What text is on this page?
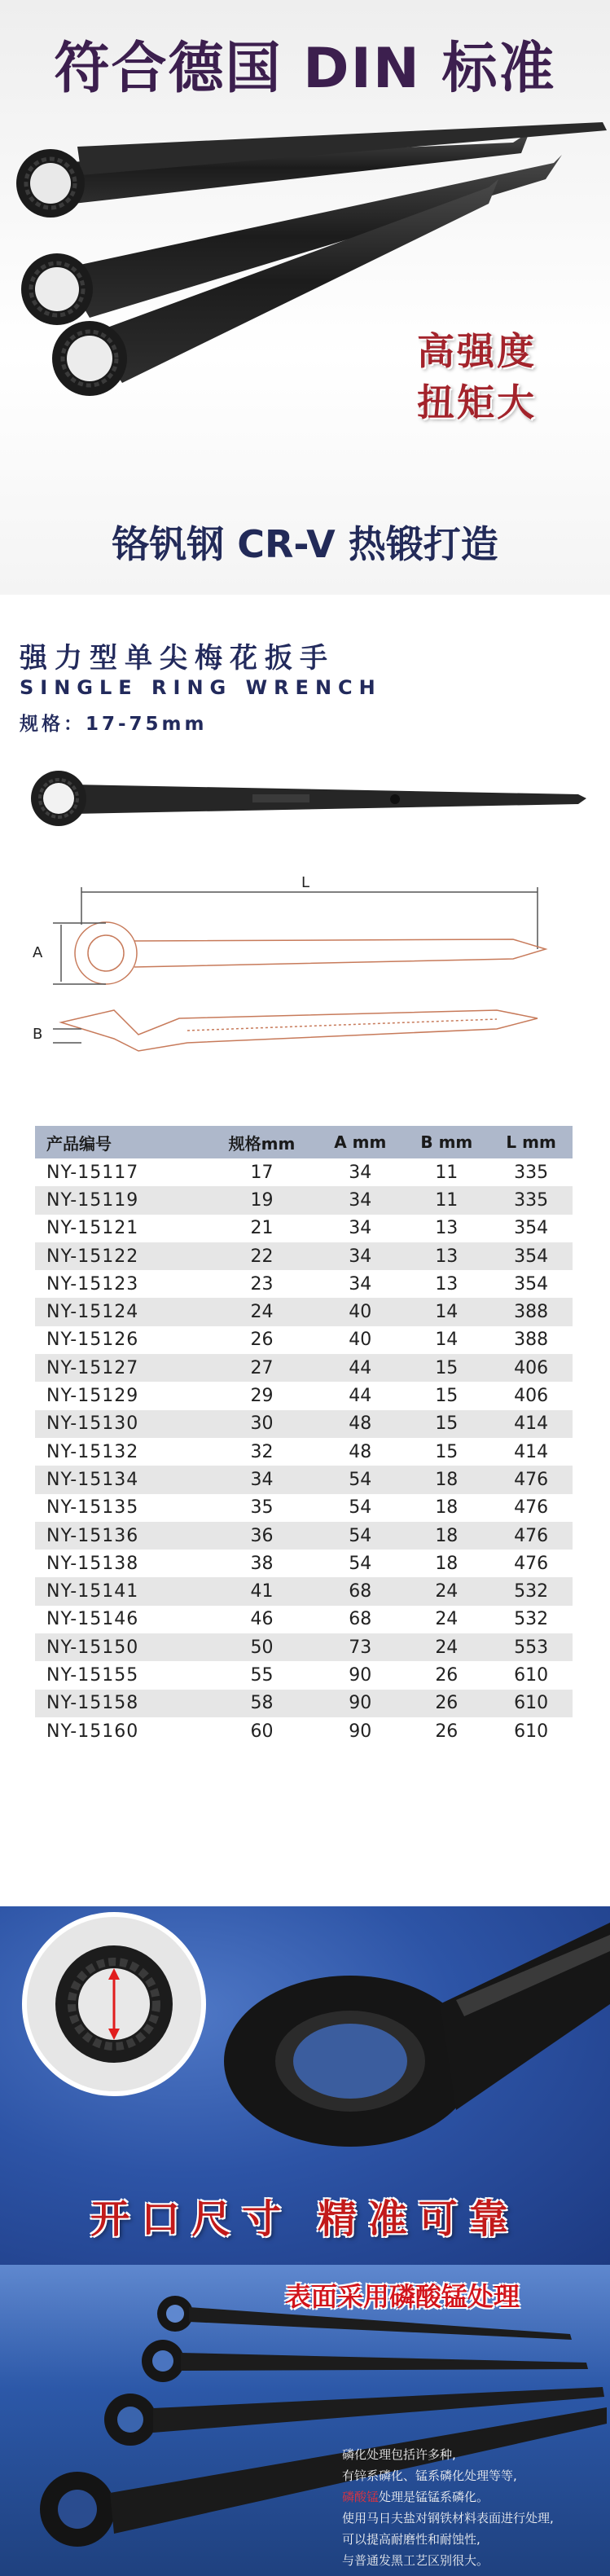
符合德国 DIN 标准
高强度
扭矩大
铬钒钢 CR-V 热锻打造
强力型单尖梅花扳手
SINGLE RING WRENCH
规格：17-75mm
L
A
B
产品编号	规格mm	A mm	B mm	L mm
NY-15117	17	34	11	335
NY-15119	19	34	11	335
NY-15121	21	34	13	354
NY-15122	22	34	13	354
NY-15123	23	34	13	354
NY-15124	24	40	14	388
NY-15126	26	40	14	388
NY-15127	27	44	15	406
NY-15129	29	44	15	406
NY-15130	30	48	15	414
NY-15132	32	48	15	414
NY-15134	34	54	18	476
NY-15135	35	54	18	476
NY-15136	36	54	18	476
NY-15138	38	54	18	476
NY-15141	41	68	24	532
NY-15146	46	68	24	532
NY-15150	50	73	24	553
NY-15155	55	90	26	610
NY-15158	58	90	26	610
NY-15160	60	90	26	610
开口尺寸 精准可靠
表面采用磷酸锰处理
磷化处理包括许多种,
有锌系磷化、锰系磷化处理等等,
磷酸锰处理是锰锰系磷化。
使用马日夫盐对钢铁材料表面进行处理,
可以提高耐磨性和耐蚀性,
与普通发黑工艺区别很大。
